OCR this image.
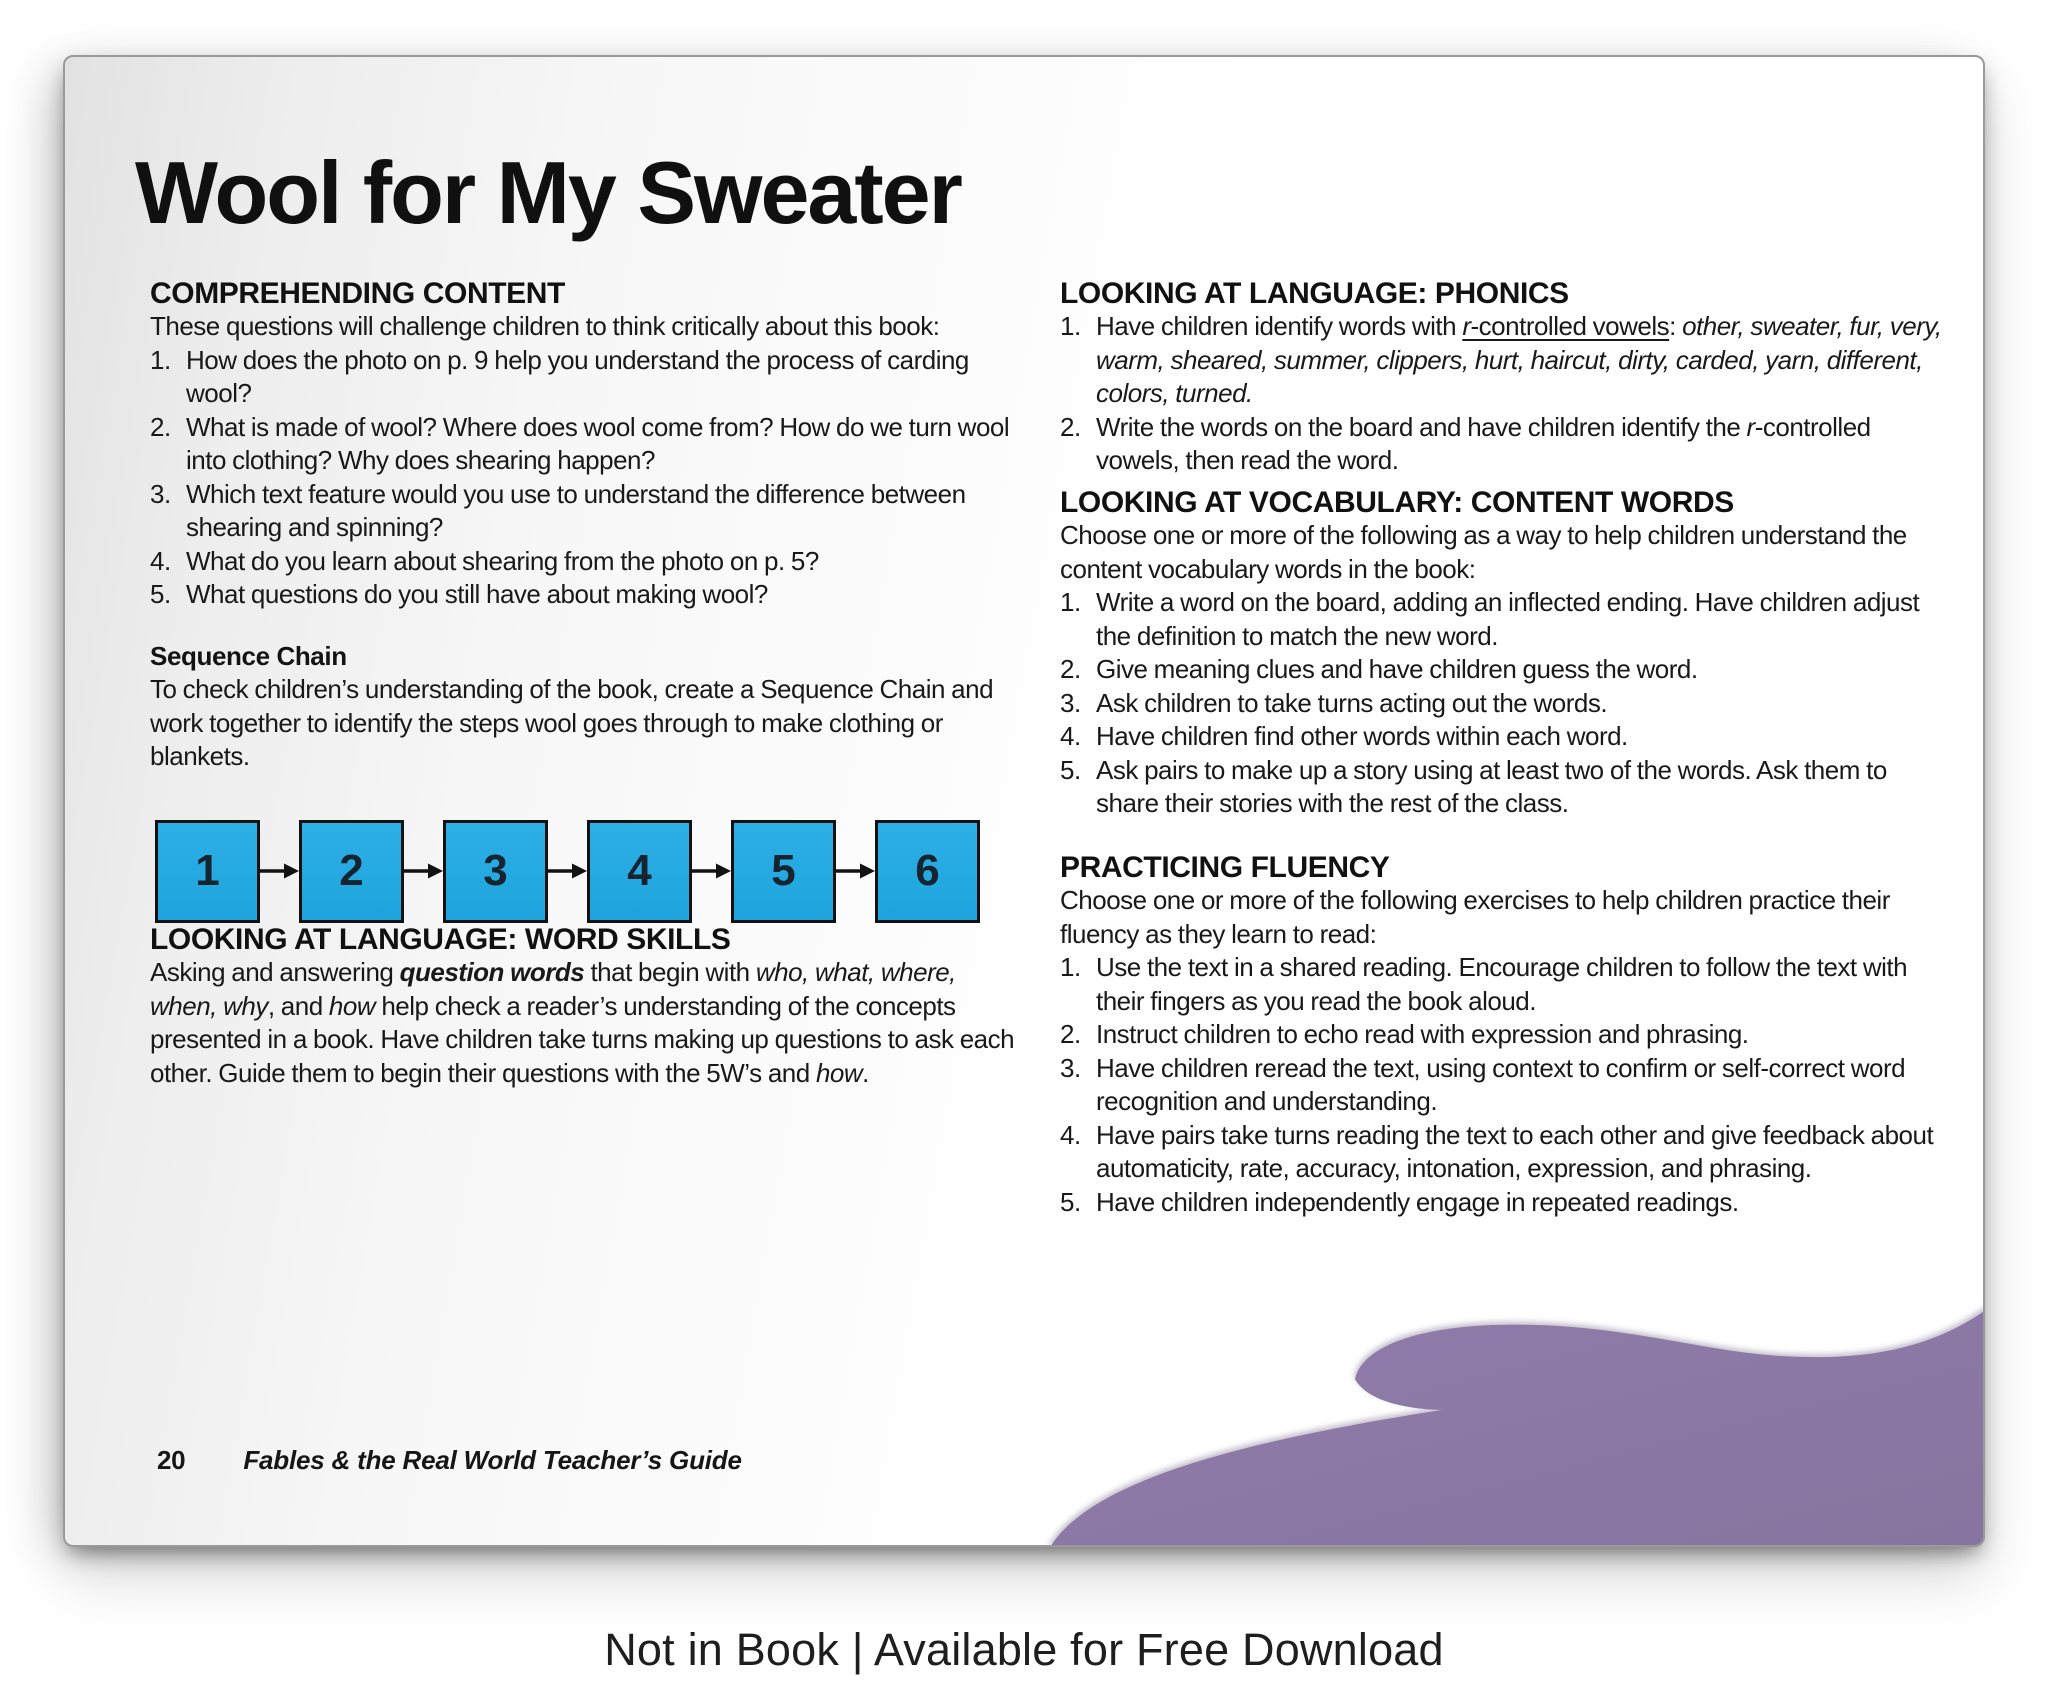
Wool for My Sweater
COMPREHENDING CONTENT

These questions will challenge children to think critically about this book:

1. How does the photo on p. 9 help you understand the process of carding wool?
2. What is made of wool? Where does wool come from? How do we turn wool into clothing? Why does shearing happen?
3. Which text feature would you use to understand the difference between shearing and spinning?
4. What do you learn about shearing from the photo on p. 5?
5. What questions do you still have about making wool?
Sequence Chain

To check children’s understanding of the book, create a Sequence Chain and work together to identify the steps wool goes through to make clothing or blankets.

1	2	3	4	5	6
LOOKING AT LANGUAGE: WORD SKILLS

Asking and answering question words that begin with who, what, where, when, why, and how help check a reader’s understanding of the concepts presented in a book. Have children take turns making up questions to ask each other. Guide them to begin their questions with the 5W’s and how.

LOOKING AT LANGUAGE: PHONICS
1. Have children identify words with r-controlled vowels: other, sweater, fur, very, warm, sheared, summer, clippers, hurt, haircut, dirty, carded, yarn, different, colors, turned.
2. Write the words on the board and have children identify the r-controlled vowels, then read the word.
LOOKING AT VOCABULARY: CONTENT WORDS

Choose one or more of the following as a way to help children understand the content vocabulary words in the book:

1. Write a word on the board, adding an inflected ending. Have children adjust the definition to match the new word.
2. Give meaning clues and have children guess the word.
3. Ask children to take turns acting out the words.
4. Have children find other words within each word.
5. Ask pairs to make up a story using at least two of the words. Ask them to share their stories with the rest of the class.
PRACTICING FLUENCY

Choose one or more of the following exercises to help children practice their fluency as they learn to read:

1. Use the text in a shared reading. Encourage children to follow the text with their fingers as you read the book aloud.
2. Instruct children to echo read with expression and phrasing.
3. Have children reread the text, using context to confirm or self-correct word recognition and understanding.
4. Have pairs take turns reading the text to each other and give feedback about automaticity, rate, accuracy, intonation, expression, and phrasing.
5. Have children independently engage in repeated readings.
20 Fables & the Real World Teacher’s Guide
Not in Book | Available for Free Download
